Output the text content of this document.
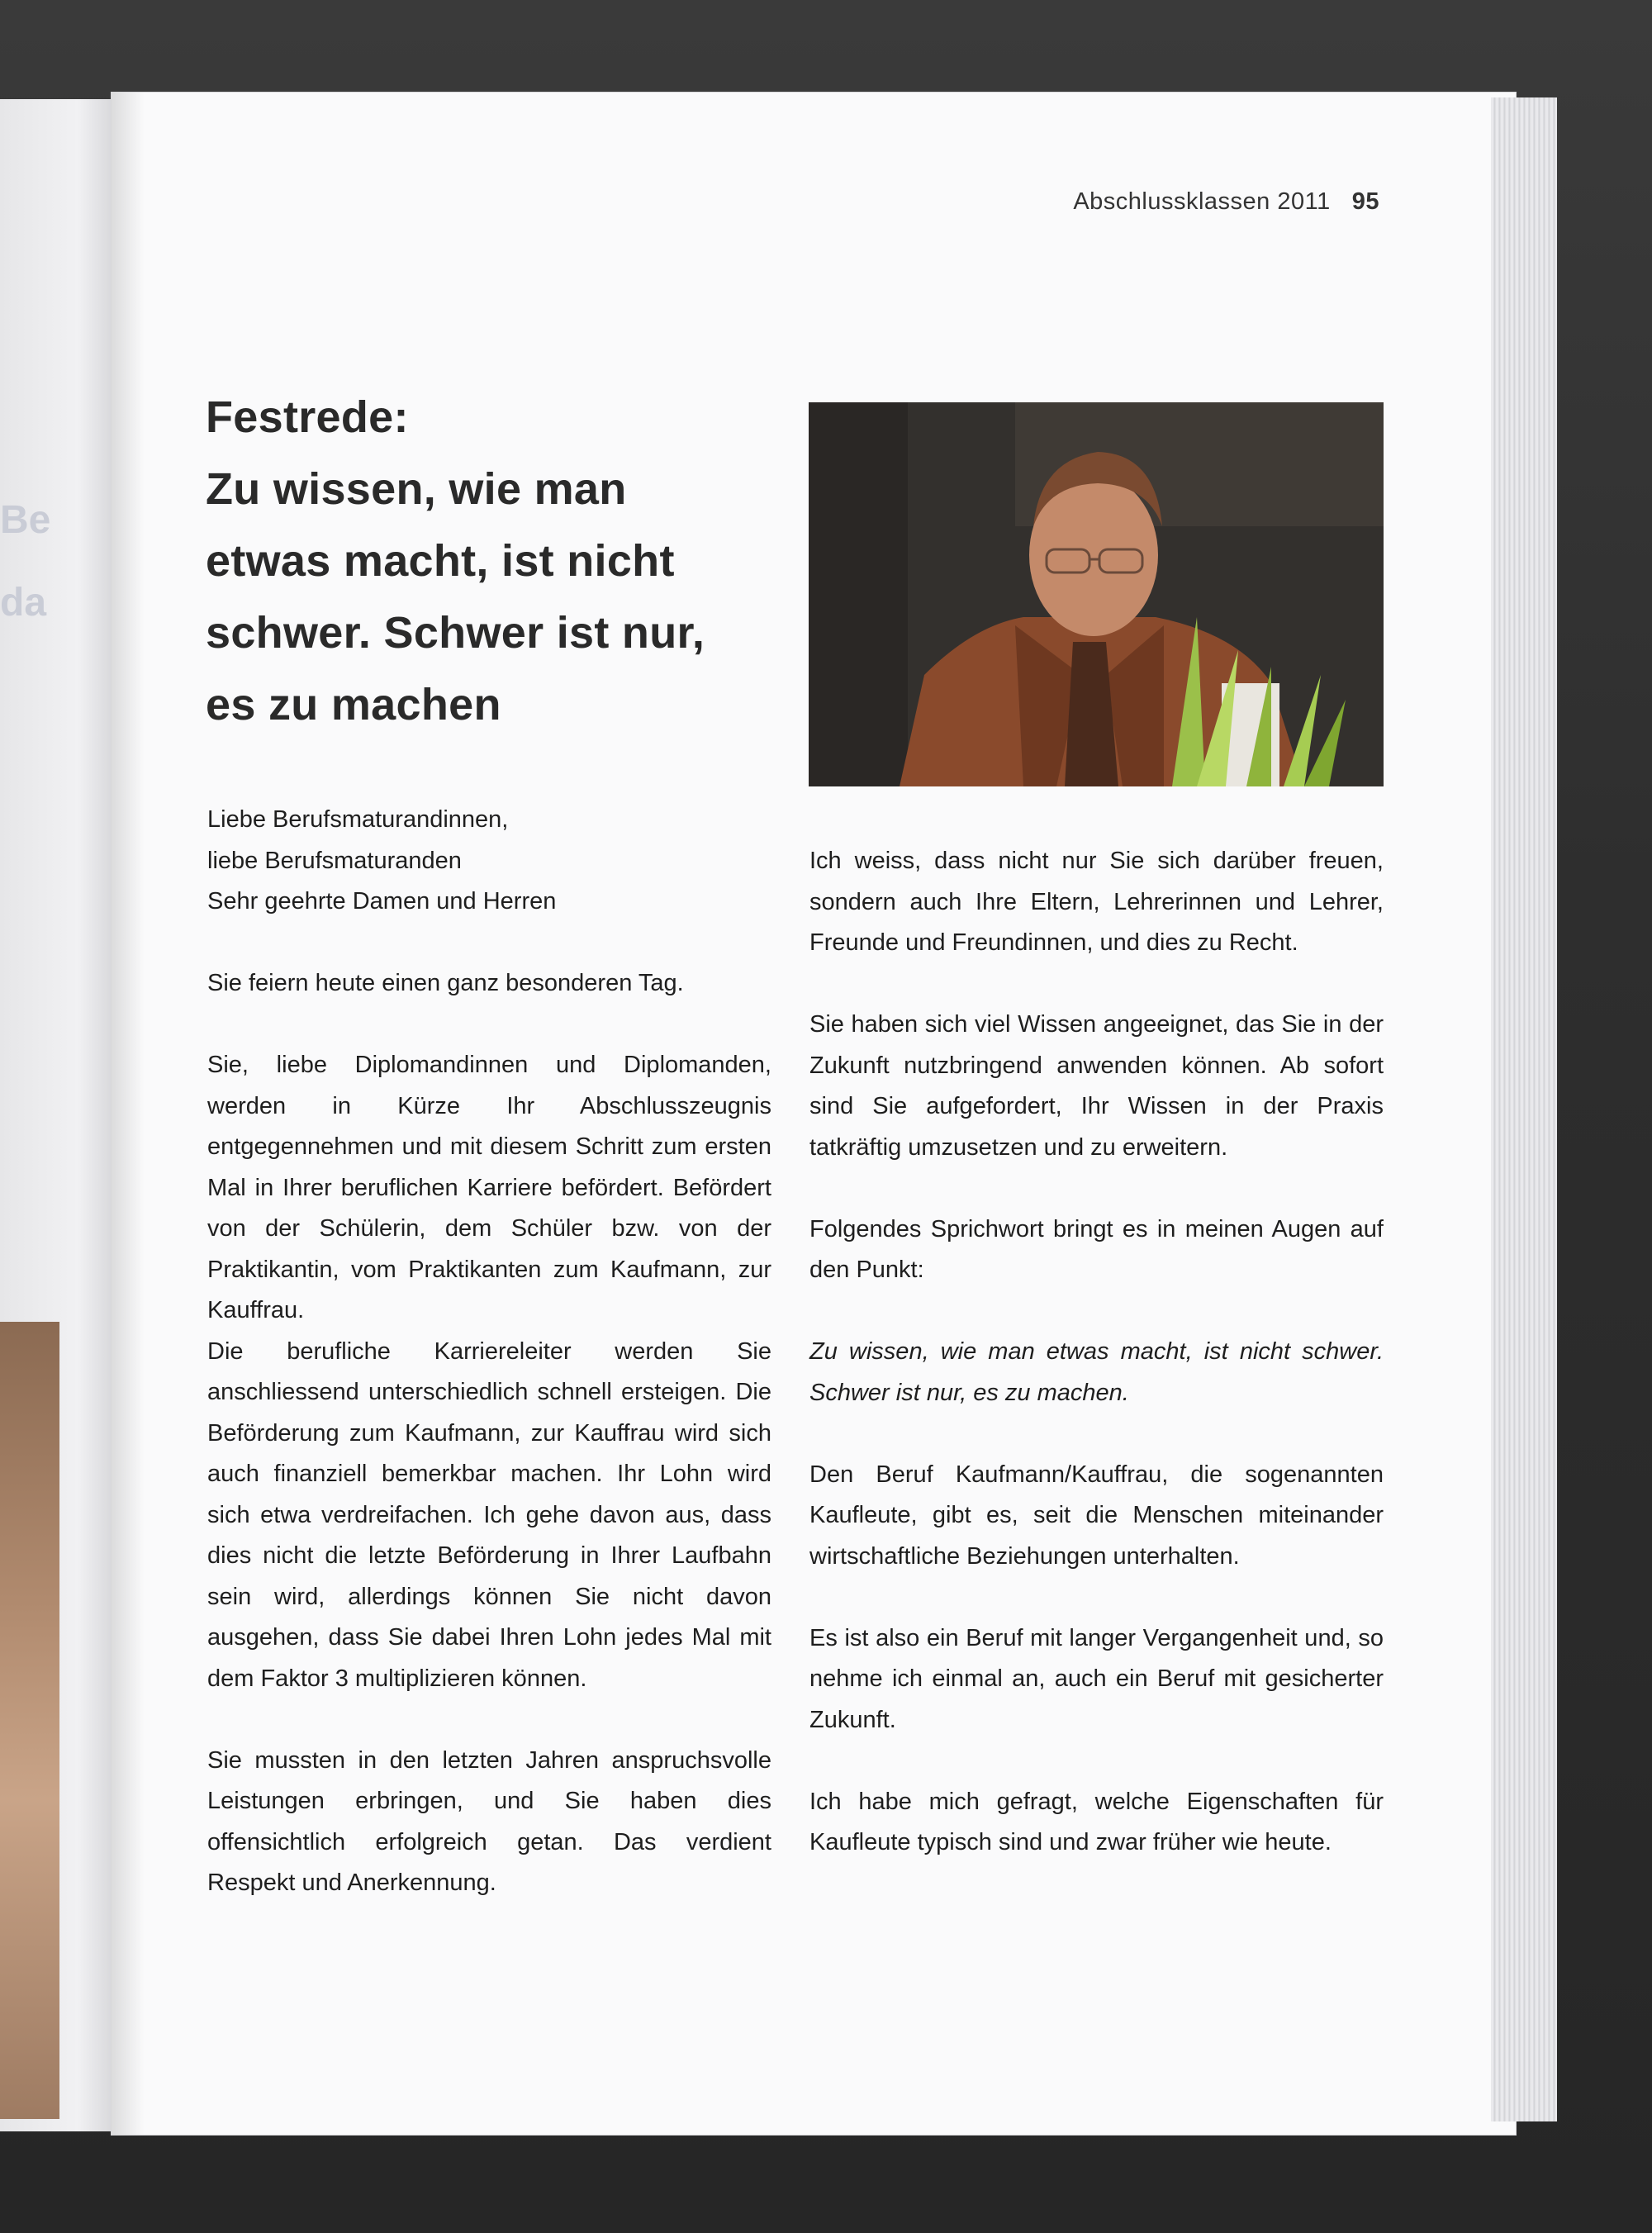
Be
da
Abschlussklassen 2011 95
Festrede:
Zu wissen, wie man
etwas macht, ist nicht
schwer. Schwer ist nur,
es zu machen

Liebe Berufsmaturandinnen,

liebe Berufsmaturanden

Sehr geehrte Damen und Herren

Sie feiern heute einen ganz besonderen Tag.

Sie, liebe Diplomandinnen und Diplomanden, werden in Kürze Ihr Abschlusszeugnis entgegennehmen und mit diesem Schritt zum ersten Mal in Ihrer beruflichen Karriere befördert. Befördert von der Schülerin, dem Schüler bzw. von der Praktikantin, vom Praktikanten zum Kaufmann, zur Kauffrau.

Die berufliche Karriereleiter werden Sie anschliessend unterschiedlich schnell ersteigen. Die Beförderung zum Kaufmann, zur Kauffrau wird sich auch finanziell bemerkbar machen. Ihr Lohn wird sich etwa verdreifachen. Ich gehe davon aus, dass dies nicht die letzte Beförderung in Ihrer Laufbahn sein wird, allerdings können Sie nicht davon ausgehen, dass Sie dabei Ihren Lohn jedes Mal mit dem Faktor 3 multiplizieren können.

Sie mussten in den letzten Jahren anspruchsvolle Leistungen erbringen, und Sie haben dies offensichtlich erfolgreich getan. Das verdient Respekt und Anerkennung.

Ich weiss, dass nicht nur Sie sich darüber freuen, sondern auch Ihre Eltern, Lehrerinnen und Lehrer, Freunde und Freundinnen, und dies zu Recht.

Sie haben sich viel Wissen angeeignet, das Sie in der Zukunft nutzbringend anwenden können. Ab sofort sind Sie aufgefordert, Ihr Wissen in der Praxis tatkräftig umzusetzen und zu erweitern.

Folgendes Sprichwort bringt es in meinen Augen auf den Punkt:

Zu wissen, wie man etwas macht, ist nicht schwer. Schwer ist nur, es zu machen.

Den Beruf Kaufmann/Kauffrau, die sogenannten Kaufleute, gibt es, seit die Menschen miteinander wirtschaftliche Beziehungen unterhalten.

Es ist also ein Beruf mit langer Vergangenheit und, so nehme ich einmal an, auch ein Beruf mit gesicherter Zukunft.

Ich habe mich gefragt, welche Eigenschaften für Kaufleute typisch sind und zwar früher wie heute.
